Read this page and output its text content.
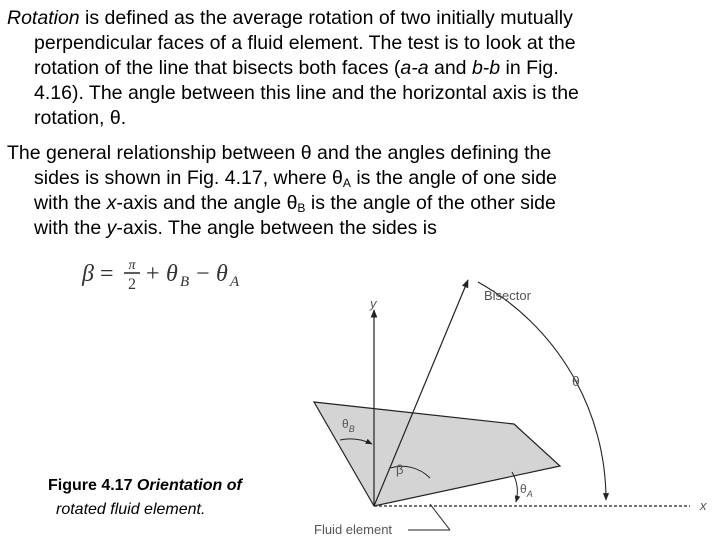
Rotation is defined as the average rotation of two initially mutually
perpendicular faces of a fluid element. The test is to look at the
rotation of the line that bisects both faces (a-a and b-b in Fig.
4.16). The angle between this line and the horizontal axis is the
rotation, θ.
The general relationship between θ and the angles defining the
sides is shown in Fig. 4.17, where $\theta_A$ is the angle of one side
with the x-axis and the angle $\theta_B$ is the angle of the other side
with the y-axis. The angle between the sides is
β = π
2 + θ B − θ A
Figure 4.17 Orientation of
rotated fluid element.
y
x
Bisector
θ
$\theta_B$
$\theta_A$
β
Fluid element
